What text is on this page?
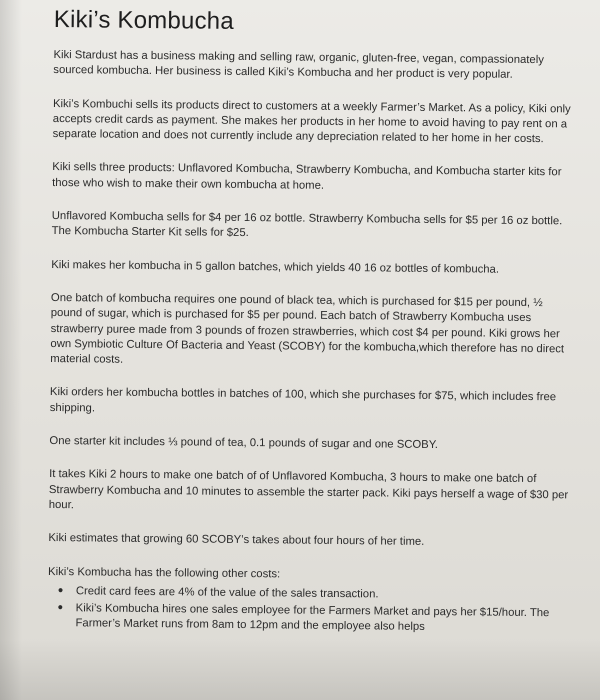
Kiki’s Kombucha

Kiki Stardust has a business making and selling raw, organic, gluten-free, vegan, compassionately sourced kombucha. Her business is called Kiki’s Kombucha and her product is very popular.

Kiki’s Kombuchi sells its products direct to customers at a weekly Farmer’s Market. As a policy, Kiki only accepts credit cards as payment. She makes her products in her home to avoid having to pay rent on a separate location and does not currently include any depreciation related to her home in her costs.

Kiki sells three products: Unflavored Kombucha, Strawberry Kombucha, and Kombucha starter kits for those who wish to make their own kombucha at home.

Unflavored Kombucha sells for $4 per 16 oz bottle. Strawberry Kombucha sells for $5 per 16 oz bottle. The Kombucha Starter Kit sells for $25.

Kiki makes her kombucha in 5 gallon batches, which yields 40 16 oz bottles of kombucha.

One batch of kombucha requires one pound of black tea, which is purchased for $15 per pound, ½ pound of sugar, which is purchased for $5 per pound. Each batch of Strawberry Kombucha uses strawberry puree made from 3 pounds of frozen strawberries, which cost $4 per pound. Kiki grows her own Symbiotic Culture Of Bacteria and Yeast (SCOBY) for the kombucha,which therefore has no direct material costs.

Kiki orders her kombucha bottles in batches of 100, which she purchases for $75, which includes free shipping.

One starter kit includes ⅓ pound of tea, 0.1 pounds of sugar and one SCOBY.

It takes Kiki 2 hours to make one batch of of Unflavored Kombucha, 3 hours to make one batch of Strawberry Kombucha and 10 minutes to assemble the starter pack. Kiki pays herself a wage of $30 per hour.

Kiki estimates that growing 60 SCOBY’s takes about four hours of her time.

Kiki’s Kombucha has the following other costs:

• Credit card fees are 4% of the value of the sales transaction.
• Kiki’s Kombucha hires one sales employee for the Farmers Market and pays her $15/hour. The Farmer’s Market runs from 8am to 12pm and the employee also helps
